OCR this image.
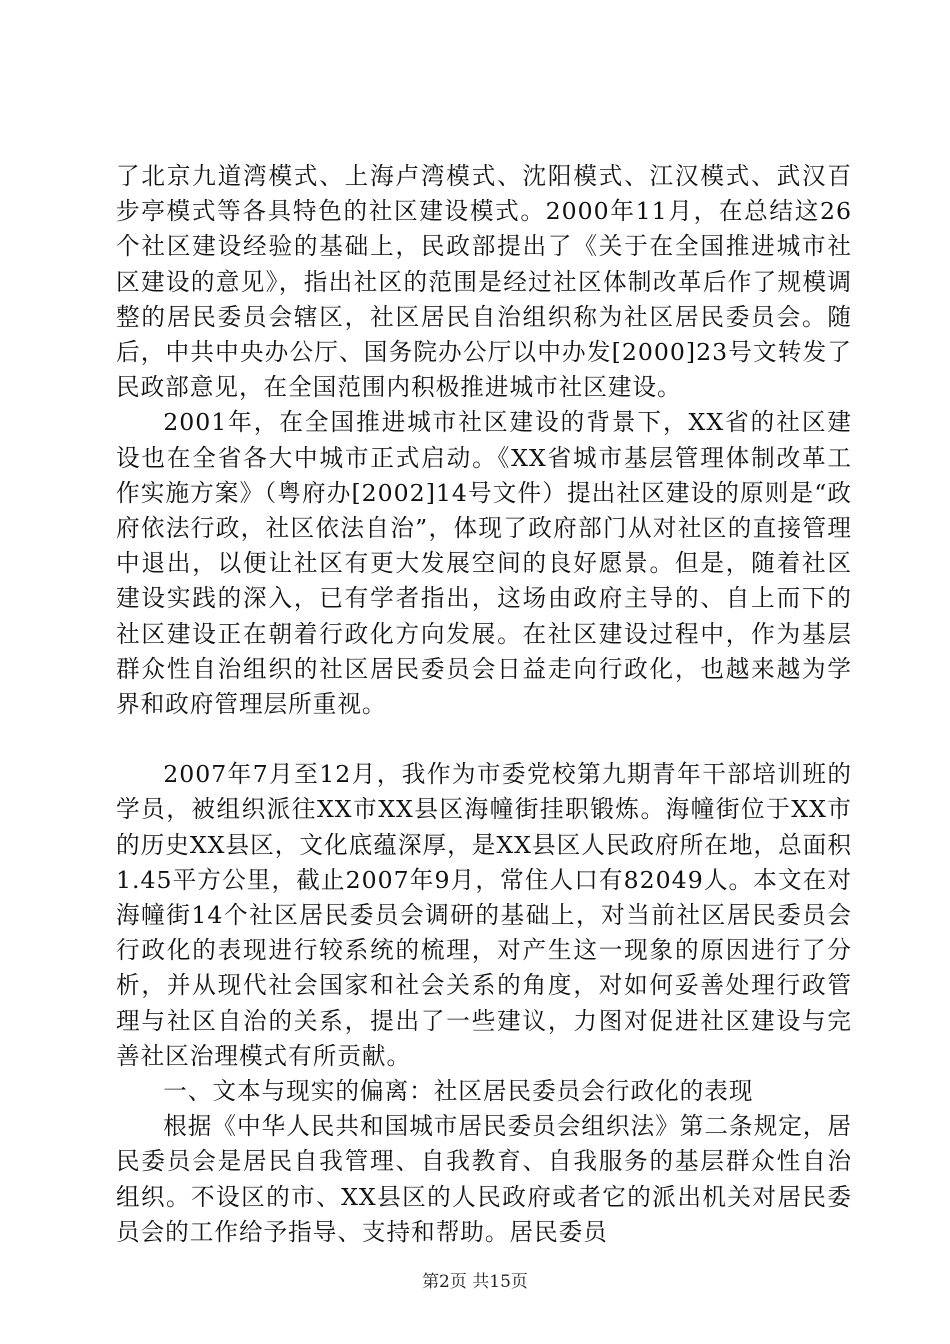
了北京九道湾模式、上海卢湾模式、沈阳模式、江汉模式、武汉百步亭模式等各具特色的社区建设模式。2000年11月，在总结这26个社区建设经验的基础上，民政部提出了《关于在全国推进城市社区建设的意见》，指出社区的范围是经过社区体制改革后作了规模调整的居民委员会辖区，社区居民自治组织称为社区居民委员会。随后，中共中央办公厅、国务院办公厅以中办发[2000]23号文转发了民政部意见，在全国范围内积极推进城市社区建设。

2001年，在全国推进城市社区建设的背景下，XX省的社区建设也在全省各大中城市正式启动。《XX省城市基层管理体制改革工作实施方案》（粤府办[2002]14号文件）提出社区建设的原则是“政府依法行政，社区依法自治”，体现了政府部门从对社区的直接管理中退出，以便让社区有更大发展空间的良好愿景。但是，随着社区建设实践的深入，已有学者指出，这场由政府主导的、自上而下的社区建设正在朝着行政化方向发展。在社区建设过程中，作为基层群众性自治组织的社区居民委员会日益走向行政化，也越来越为学界和政府管理层所重视。

2007年7月至12月，我作为市委党校第九期青年干部培训班的学员，被组织派往XX市XX县区海幢街挂职锻炼。海幢街位于XX市的历史XX县区，文化底蕴深厚，是XX县区人民政府所在地，总面积1.45平方公里，截止2007年9月，常住人口有82049人。本文在对海幢街14个社区居民委员会调研的基础上，对当前社区居民委员会行政化的表现进行较系统的梳理，对产生这一现象的原因进行了分析，并从现代社会国家和社会关系的角度，对如何妥善处理行政管理与社区自治的关系，提出了一些建议，力图对促进社区建设与完善社区治理模式有所贡献。

一、文本与现实的偏离：社区居民委员会行政化的表现

根据《中华人民共和国城市居民委员会组织法》第二条规定，居民委员会是居民自我管理、自我教育、自我服务的基层群众性自治组织。不设区的市、XX县区的人民政府或者它的派出机关对居民委员会的工作给予指导、支持和帮助。居民委员

第2页 共15页
